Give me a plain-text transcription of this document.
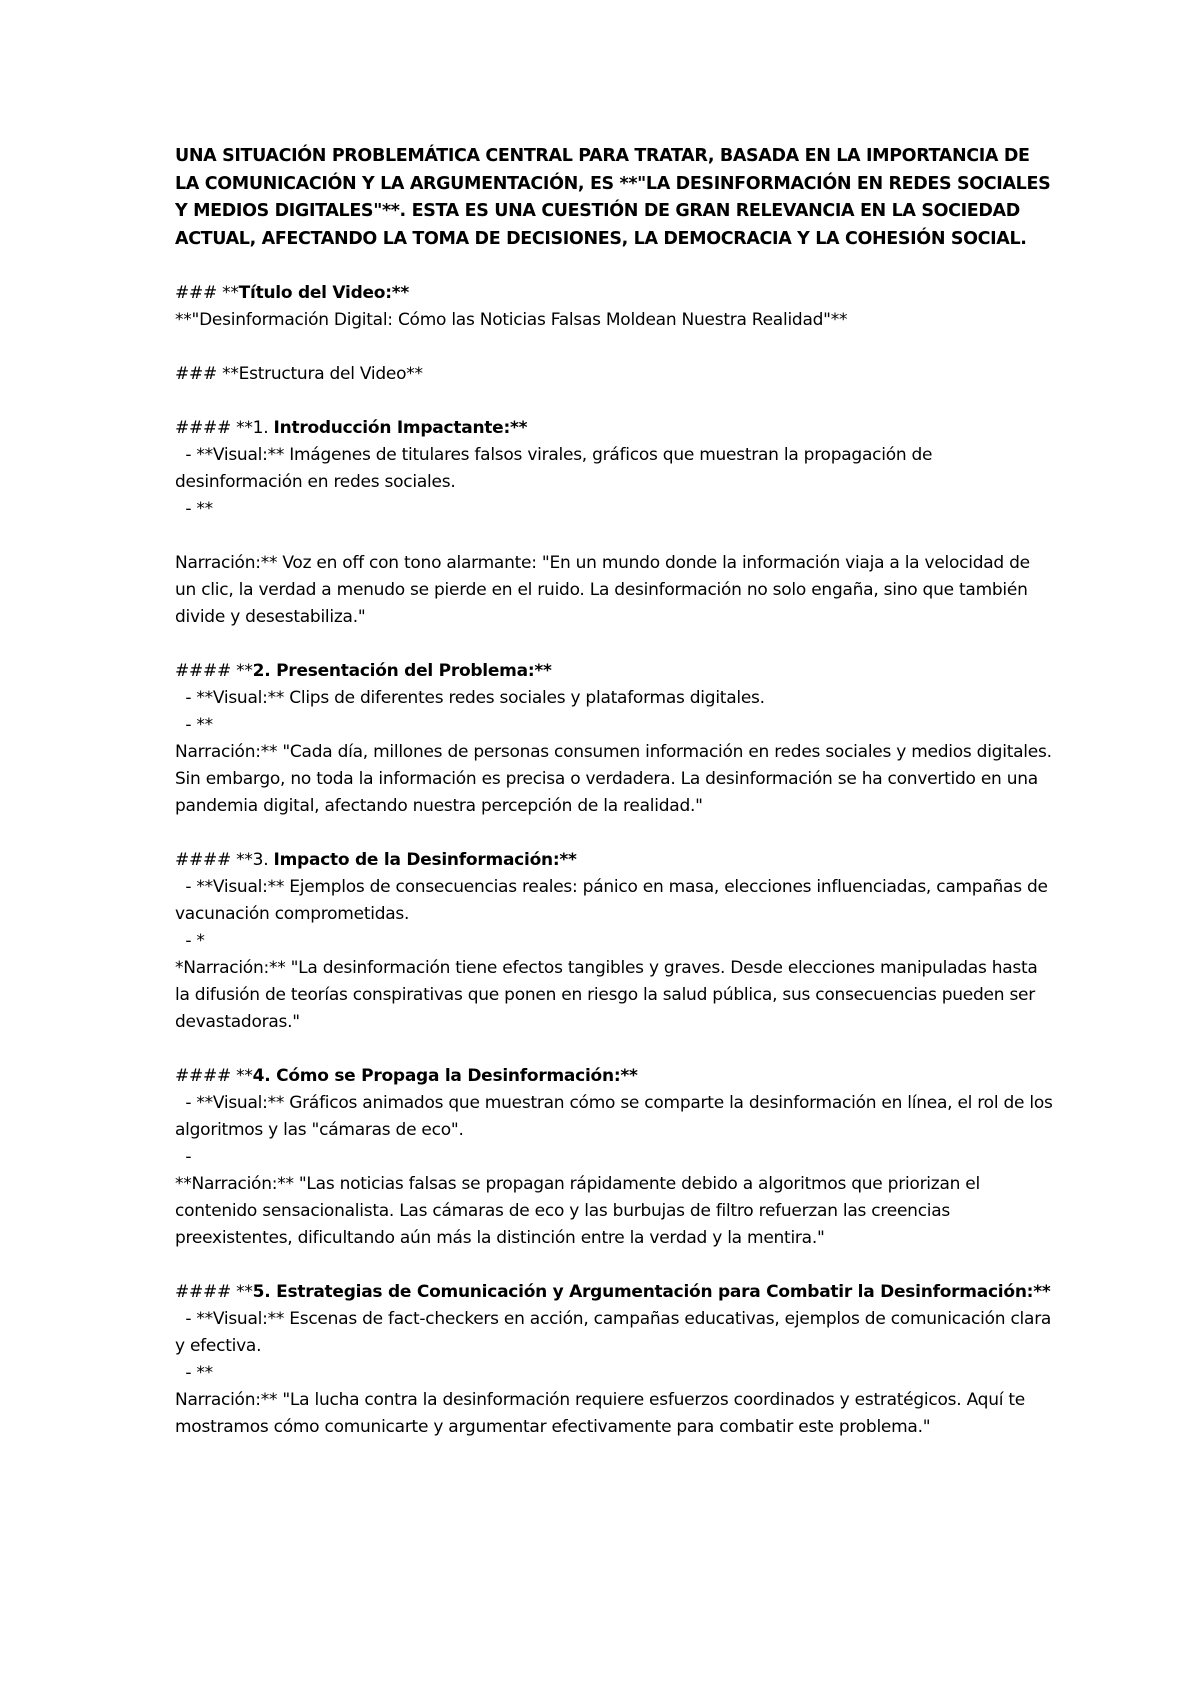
UNA SITUACIÓN PROBLEMÁTICA CENTRAL PARA TRATAR, BASADA EN LA IMPORTANCIA DE LA COMUNICACIÓN Y LA ARGUMENTACIÓN, ES **"LA DESINFORMACIÓN EN REDES SOCIALES Y MEDIOS DIGITALES"**. ESTA ES UNA CUESTIÓN DE GRAN RELEVANCIA EN LA SOCIEDAD ACTUAL, AFECTANDO LA TOMA DE DECISIONES, LA DEMOCRACIA Y LA COHESIÓN SOCIAL.

### **Título del Video:**

**"Desinformación Digital: Cómo las Noticias Falsas Moldean Nuestra Realidad"**

### **Estructura del Video**

#### **1. Introducción Impactante:**

- **Visual:** Imágenes de titulares falsos virales, gráficos que muestran la propagación de desinformación en redes sociales.

- **

Narración:** Voz en off con tono alarmante: "En un mundo donde la información viaja a la velocidad de un clic, la verdad a menudo se pierde en el ruido. La desinformación no solo engaña, sino que también divide y desestabiliza."

#### **2. Presentación del Problema:**

- **Visual:** Clips de diferentes redes sociales y plataformas digitales.

- **

Narración:** "Cada día, millones de personas consumen información en redes sociales y medios digitales. Sin embargo, no toda la información es precisa o verdadera. La desinformación se ha convertido en una pandemia digital, afectando nuestra percepción de la realidad."

#### **3. Impacto de la Desinformación:**

- **Visual:** Ejemplos de consecuencias reales: pánico en masa, elecciones influenciadas, campañas de vacunación comprometidas.

- *

*Narración:** "La desinformación tiene efectos tangibles y graves. Desde elecciones manipuladas hasta la difusión de teorías conspirativas que ponen en riesgo la salud pública, sus consecuencias pueden ser devastadoras."

#### **4. Cómo se Propaga la Desinformación:**

- **Visual:** Gráficos animados que muestran cómo se comparte la desinformación en línea, el rol de los algoritmos y las "cámaras de eco".

-

**Narración:** "Las noticias falsas se propagan rápidamente debido a algoritmos que priorizan el contenido sensacionalista. Las cámaras de eco y las burbujas de filtro refuerzan las creencias preexistentes, dificultando aún más la distinción entre la verdad y la mentira."

#### **5. Estrategias de Comunicación y Argumentación para Combatir la Desinformación:**

- **Visual:** Escenas de fact-checkers en acción, campañas educativas, ejemplos de comunicación clara y efectiva.

- **

Narración:** "La lucha contra la desinformación requiere esfuerzos coordinados y estratégicos. Aquí te mostramos cómo comunicarte y argumentar efectivamente para combatir este problema."
